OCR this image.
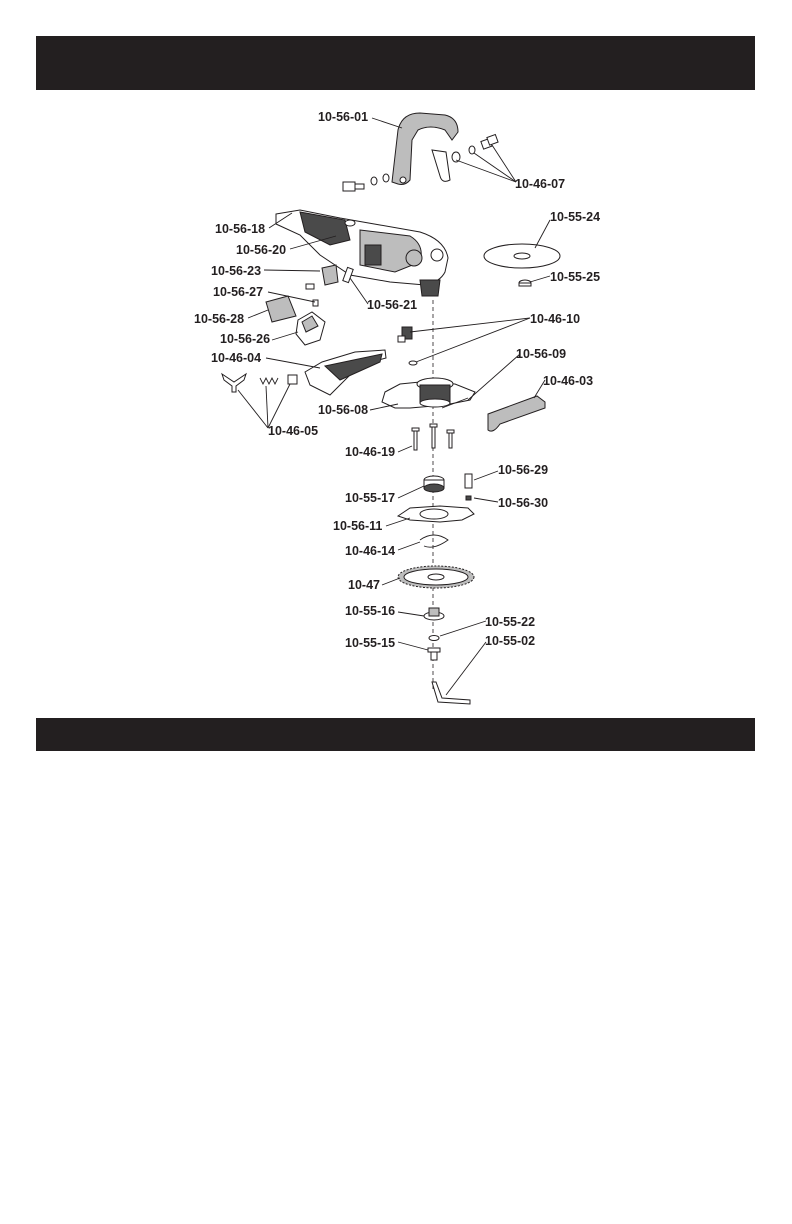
10-56-01
10-46-07
10-55-24
10-56-18
10-56-20
10-56-23	10-55-25
10-56-27
10-56-21
10-56-28	10-46-10
10-56-26
10-56-09
10-46-04
10-46-03
10-56-08
10-46-05
10-46-19
10-56-29
10-55-17	10-56-30
10-56-11
10-46-14
10-47
10-55-16
10-55-22
10-55-15	10-55-02
